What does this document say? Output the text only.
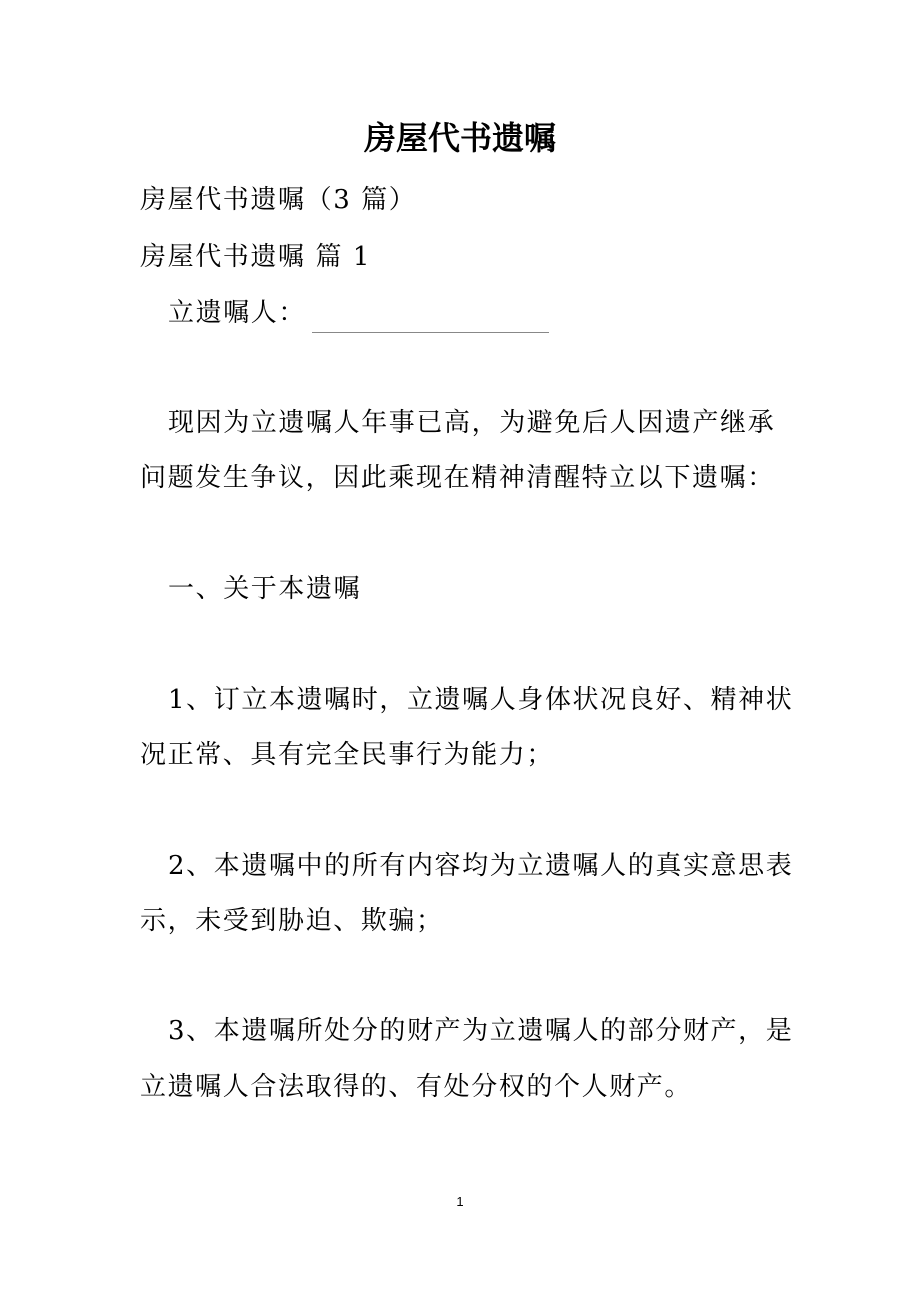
房屋代书遗嘱
房屋代书遗嘱（3 篇）
房屋代书遗嘱 篇 1
立遗嘱人：
现因为立遗嘱人年事已高，为避免后人因遗产继承
问题发生争议，因此乘现在精神清醒特立以下遗嘱：
一、关于本遗嘱
1、订立本遗嘱时，立遗嘱人身体状况良好、精神状
况正常、具有完全民事行为能力；
2、本遗嘱中的所有内容均为立遗嘱人的真实意思表
示，未受到胁迫、欺骗；
3、本遗嘱所处分的财产为立遗嘱人的部分财产，是
立遗嘱人合法取得的、有处分权的个人财产。
1
